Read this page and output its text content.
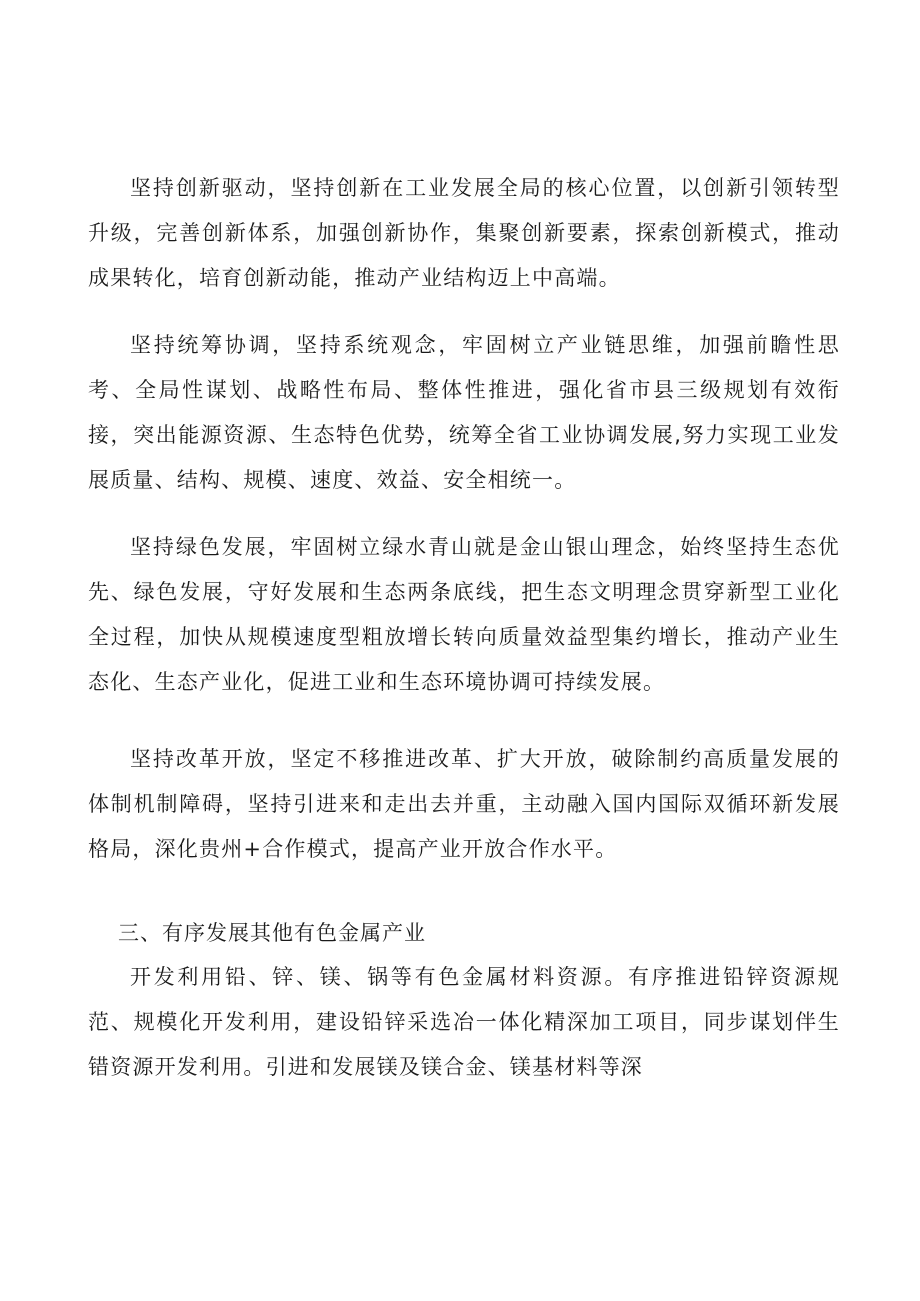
坚持创新驱动，坚持创新在工业发展全局的核心位置，以创新引领转型升级，完善创新体系，加强创新协作，集聚创新要素，探索创新模式，推动成果转化，培育创新动能，推动产业结构迈上中高端。

坚持统筹协调，坚持系统观念，牢固树立产业链思维，加强前瞻性思考、全局性谋划、战略性布局、整体性推进，强化省市县三级规划有效衔接，突出能源资源、生态特色优势，统筹全省工业协调发展,努力实现工业发展质量、结构、规模、速度、效益、安全相统一。

坚持绿色发展，牢固树立绿水青山就是金山银山理念，始终坚持生态优先、绿色发展，守好发展和生态两条底线，把生态文明理念贯穿新型工业化全过程，加快从规模速度型粗放增长转向质量效益型集约增长，推动产业生态化、生态产业化，促进工业和生态环境协调可持续发展。

坚持改革开放，坚定不移推进改革、扩大开放，破除制约高质量发展的体制机制障碍，坚持引进来和走出去并重，主动融入国内国际双循环新发展格局，深化贵州+合作模式，提高产业开放合作水平。

三、有序发展其他有色金属产业

开发利用铅、锌、镁、锅等有色金属材料资源。有序推进铅锌资源规范、规模化开发利用，建设铅锌采选冶一体化精深加工项目，同步谋划伴生错资源开发利用。引进和发展镁及镁合金、镁基材料等深
